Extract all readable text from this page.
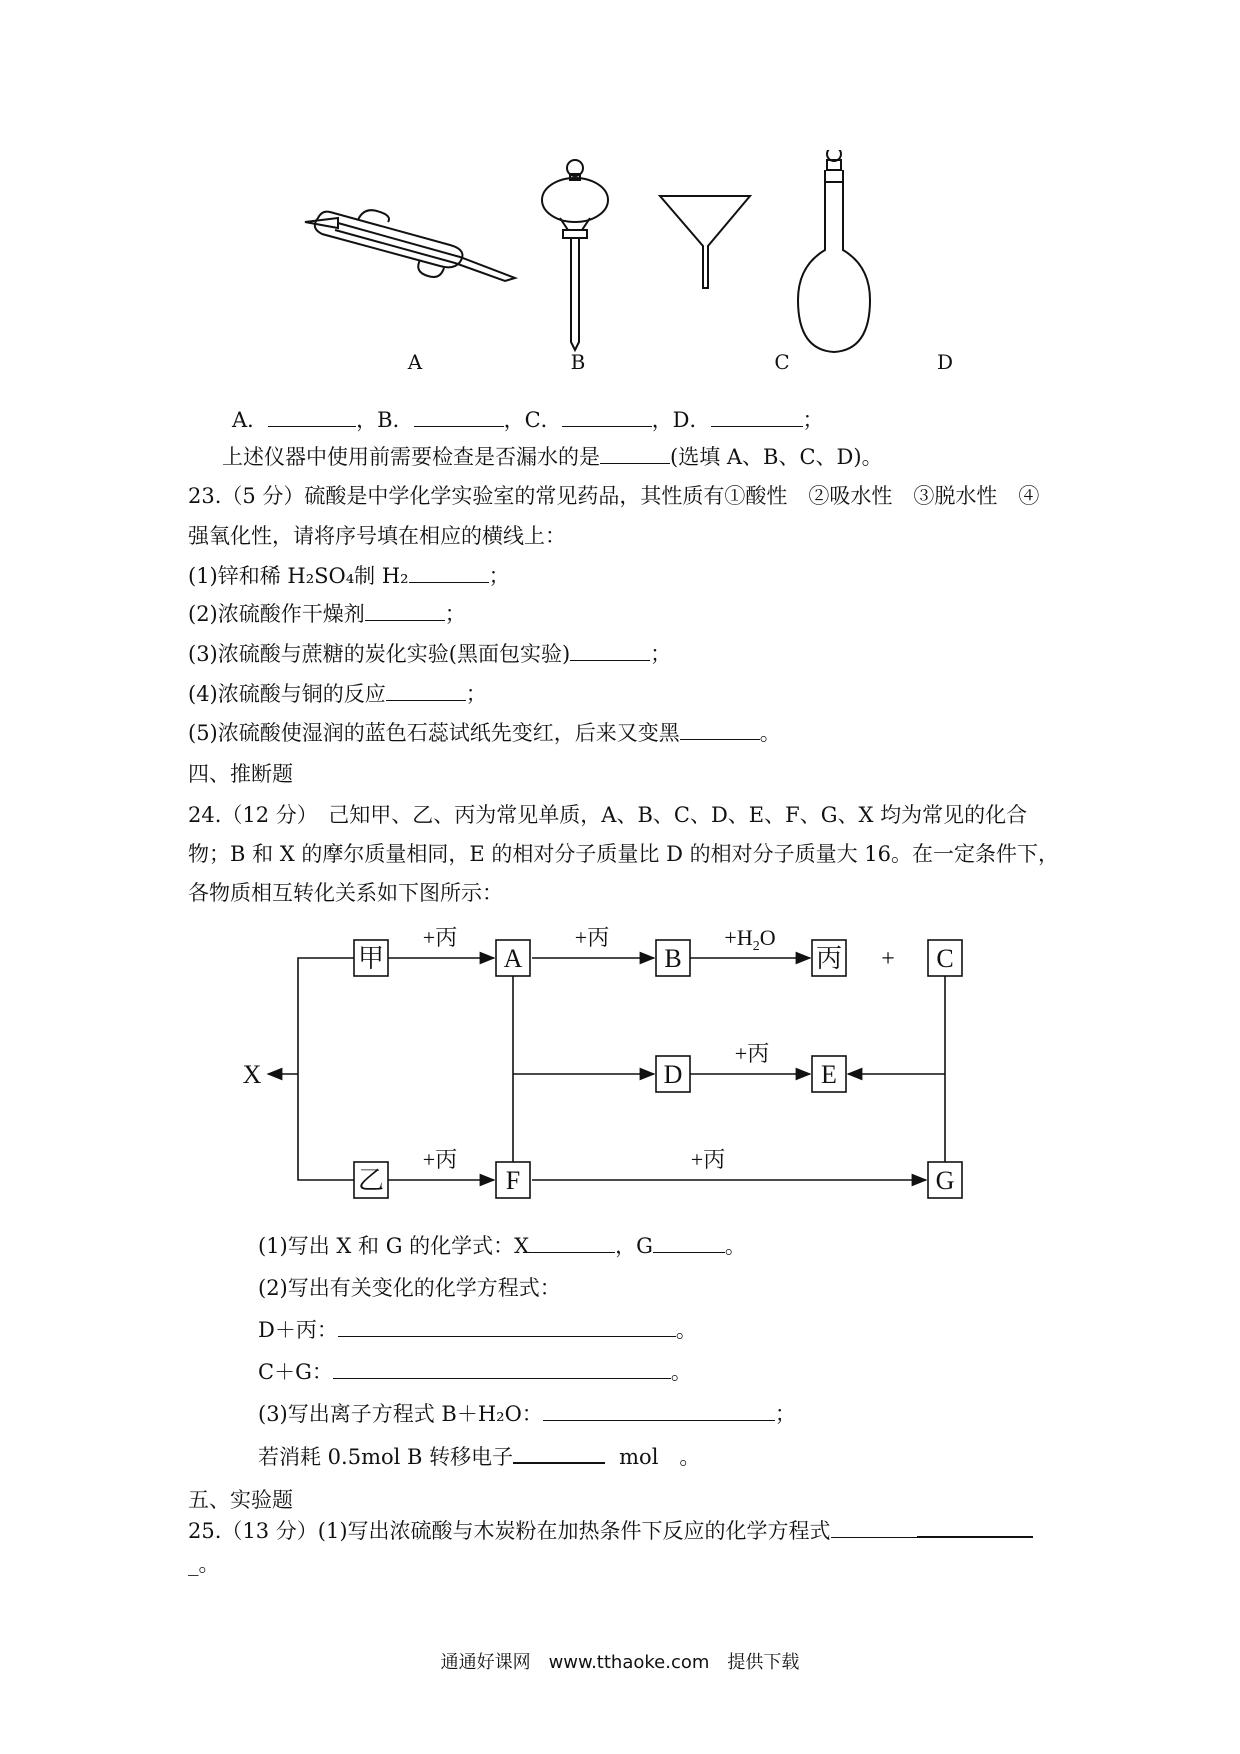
A	B	C	D
A．	，B．	，C．	，D．	；
上述仪器中使用前需要检查是否漏水的是	(选填 A、B、C、D)。
23.（5 分）硫酸是中学化学实验室的常见药品，其性质有①酸性　②吸水性　③脱水性　④
强氧化性，请将序号填在相应的横线上：
(1)锌和稀 H₂SO₄制 H₂	；
(2)浓硫酸作干燥剂	；
(3)浓硫酸与蔗糖的炭化实验(黑面包实验)	；
(4)浓硫酸与铜的反应	；
(5)浓硫酸使湿润的蓝色石蕊试纸先变红，后来又变黑	。
四、推断题
24.（12 分）　己知甲、乙、丙为常见单质，A、B、C、D、E、F、G、X 均为常见的化合
物；B 和 X 的摩尔质量相同，E 的相对分子质量比 D 的相对分子质量大 16。在一定条件下，
各物质相互转化关系如下图所示：
甲	A	B	丙	C
D	E
乙	F	G
X
+
+丙	+丙	$+H_2O$
+丙
+丙	+丙
(1)写出 X 和 G 的化学式：X	，G	。
(2)写出有关变化的化学方程式：
D＋丙：	。
C＋G：	。
(3)写出离子方程式 B＋H₂O：	；
若消耗 0.5mol B 转移电子	mol　。
五、实验题
25.（13 分）(1)写出浓硫酸与木炭粉在加热条件下反应的化学方程式
_。
通通好课网　www.tthaoke.com　提供下载
